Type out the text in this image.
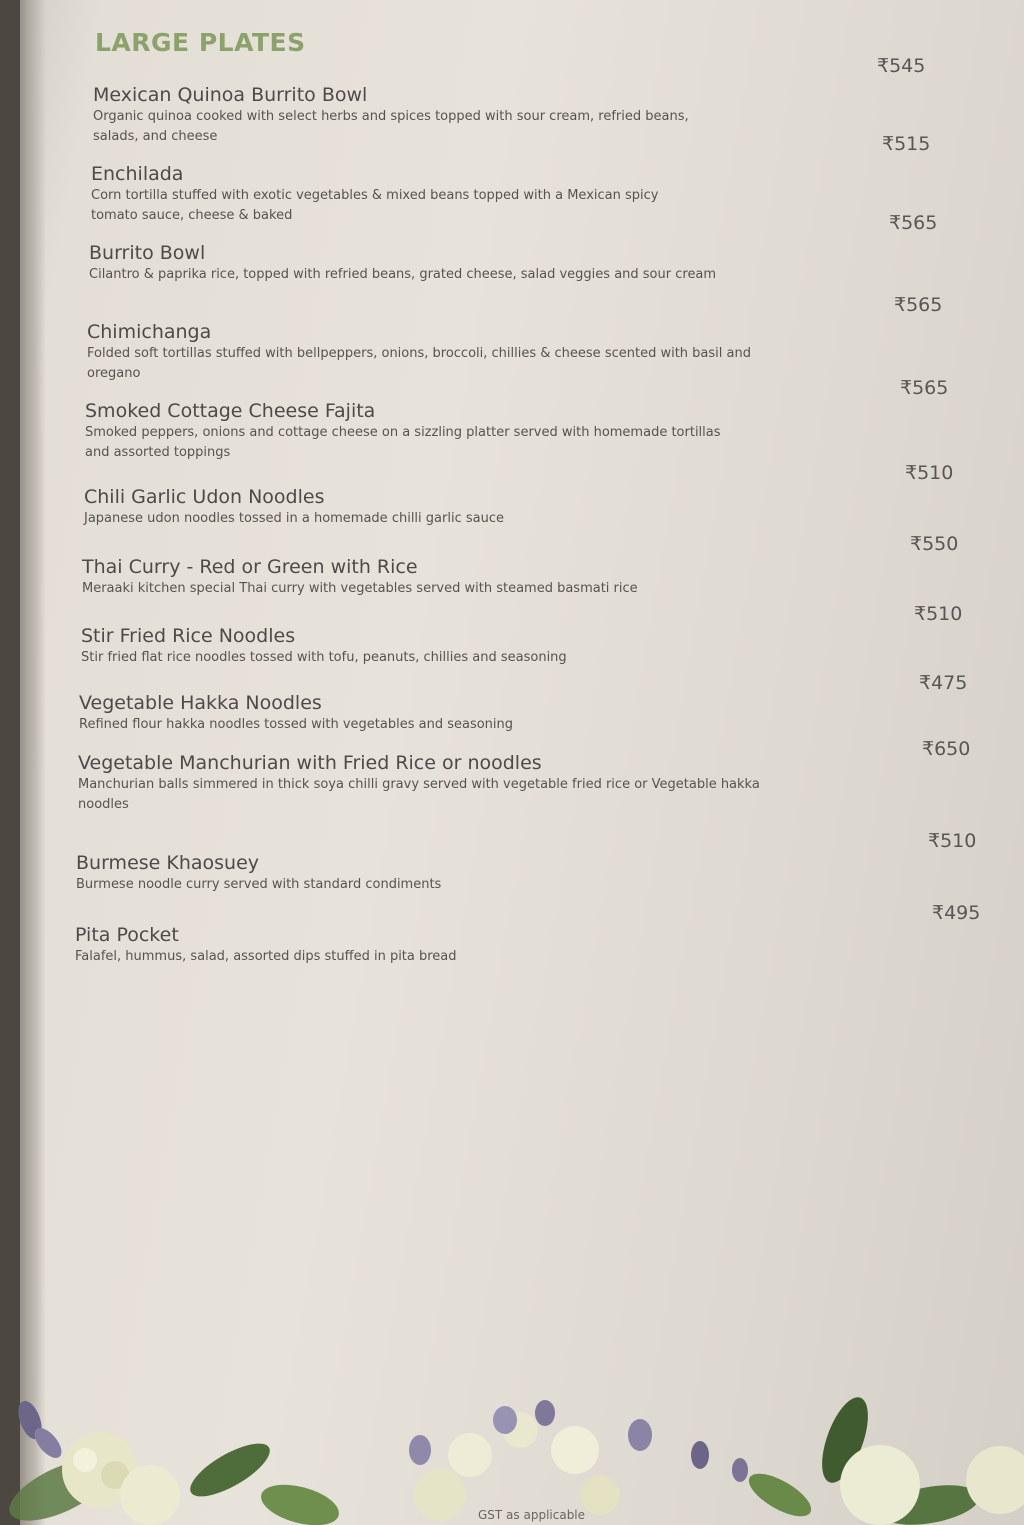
LARGE PLATES
Mexican Quinoa Burrito Bowl
Organic quinoa cooked with select herbs and spices topped with sour cream, refried beans, salads, and cheese
₹545
Enchilada
Corn tortilla stuffed with exotic vegetables & mixed beans topped with a Mexican spicy tomato sauce, cheese & baked
₹515
Burrito Bowl
Cilantro & paprika rice, topped with refried beans, grated cheese, salad veggies and sour cream
₹565
Chimichanga
Folded soft tortillas stuffed with bellpeppers, onions, broccoli, chillies & cheese scented with basil and oregano
₹565
Smoked Cottage Cheese Fajita
Smoked peppers, onions and cottage cheese on a sizzling platter served with homemade tortillas and assorted toppings
₹565
Chili Garlic Udon Noodles
Japanese udon noodles tossed in a homemade chilli garlic sauce
₹510
Thai Curry - Red or Green with Rice
Meraaki kitchen special Thai curry with vegetables served with steamed basmati rice
₹550
Stir Fried Rice Noodles
Stir fried flat rice noodles tossed with tofu, peanuts, chillies and seasoning
₹510
Vegetable Hakka Noodles
Refined flour hakka noodles tossed with vegetables and seasoning
₹475
Vegetable Manchurian with Fried Rice or noodles
Manchurian balls simmered in thick soya chilli gravy served with vegetable fried rice or Vegetable hakka noodles
₹650
Burmese Khaosuey
Burmese noodle curry served with standard condiments
₹510
Pita Pocket
Falafel, hummus, salad, assorted dips stuffed in pita bread
₹495
GST as applicable
